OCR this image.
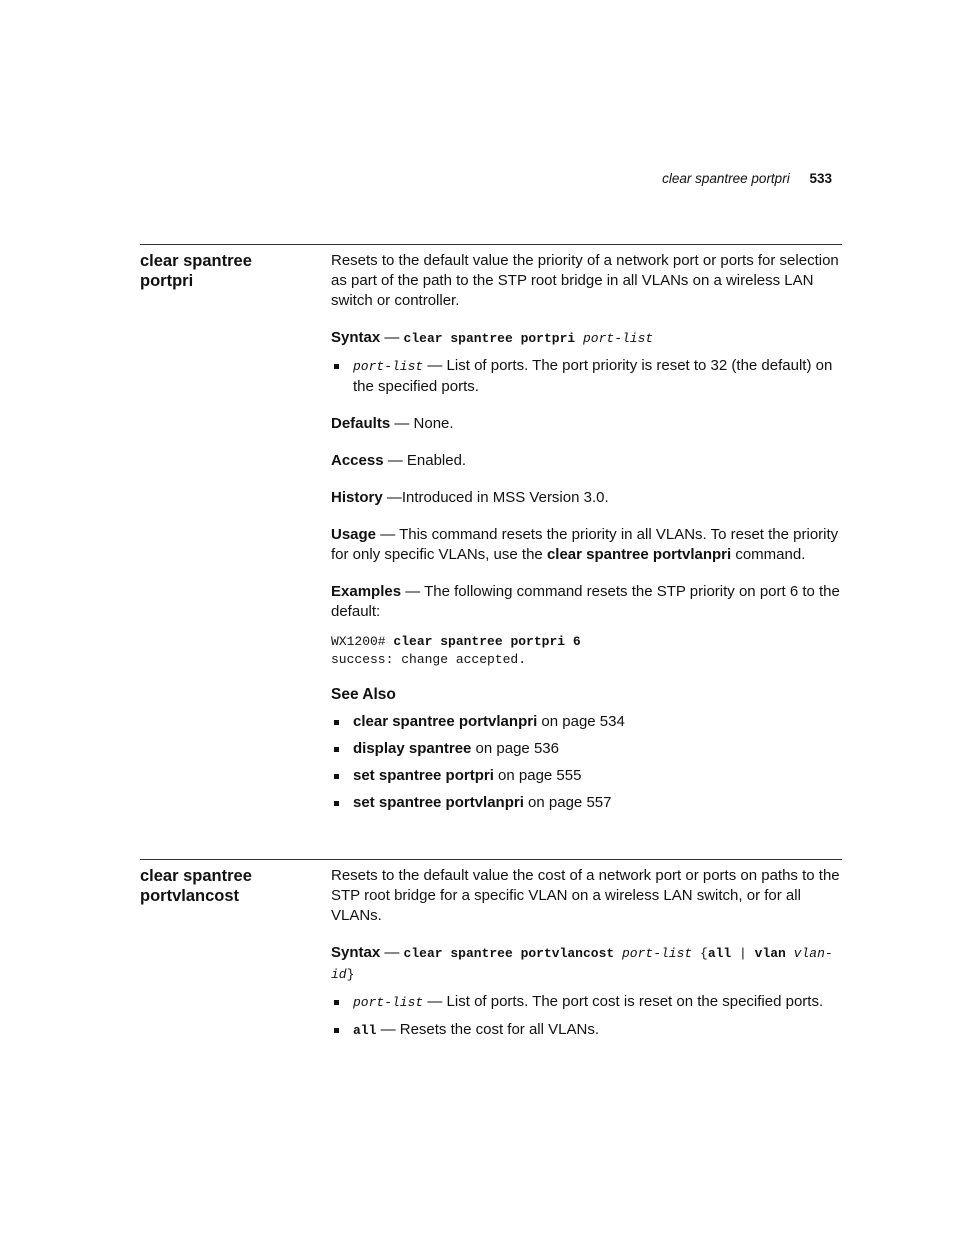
clear spantree portpri 533
clear spantree
portpri

Resets to the default value the priority of a network port or ports for selection as part of the path to the STP root bridge in all VLANs on a wireless LAN switch or controller.

Syntax — clear spantree portpri port-list

port-list — List of ports. The port priority is reset to 32 (the default) on the specified ports.

Defaults — None.

Access — Enabled.

History —Introduced in MSS Version 3.0.

Usage — This command resets the priority in all VLANs. To reset the priority for only specific VLANs, use the clear spantree portvlanpri command.

Examples — The following command resets the STP priority on port 6 to the default:

WX1200# clear spantree portpri 6
success: change accepted.
See Also
clear spantree portvlanpri on page 534
display spantree on page 536
set spantree portpri on page 555
set spantree portvlanpri on page 557
clear spantree
portvlancost

Resets to the default value the cost of a network port or ports on paths to the STP root bridge for a specific VLAN on a wireless LAN switch, or for all VLANs.

Syntax — clear spantree portvlancost port-list {all | vlan vlan-id}

port-list — List of ports. The port cost is reset on the specified ports.
all — Resets the cost for all VLANs.
